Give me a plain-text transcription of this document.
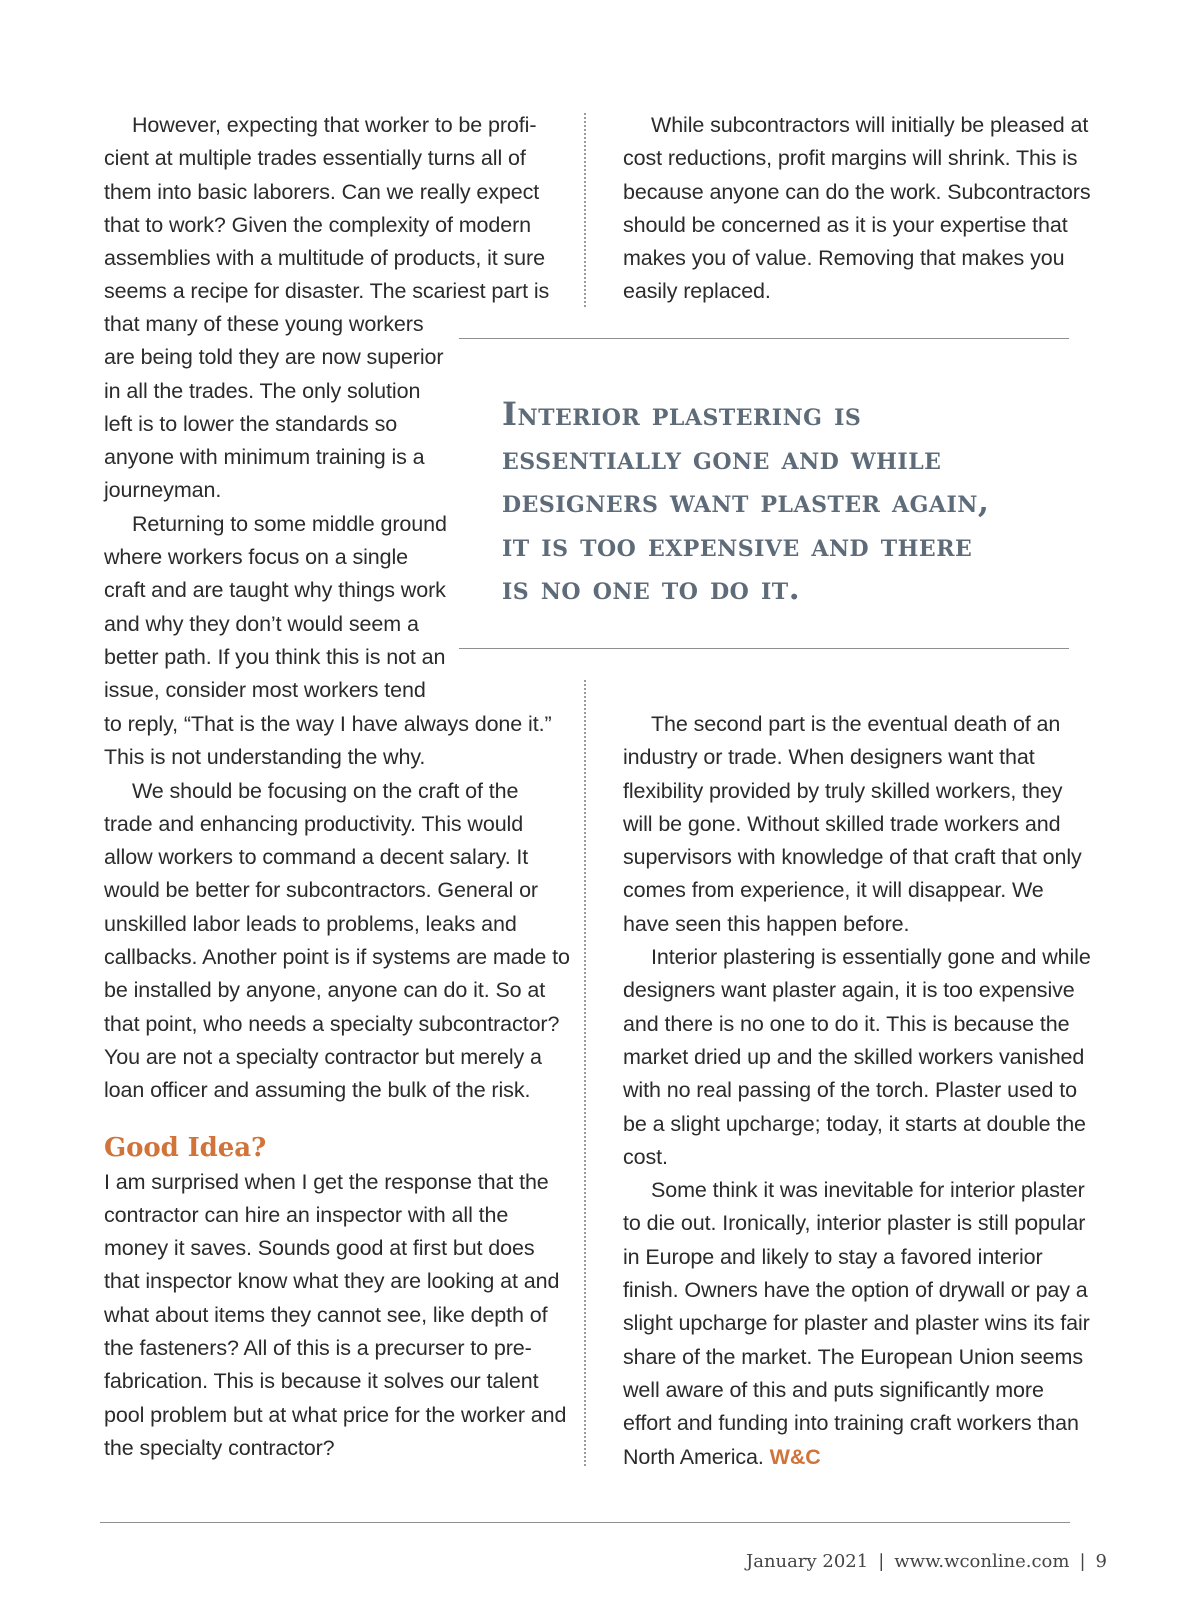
However, expecting that worker to be proficient at multiple trades essentially turns all of them into basic laborers. Can we really expect that to work? Given the complexity of modern assemblies with a multitude of products, it sure seems a recipe for disaster. The scariest part is

that many of these young workers are being told they are now superior in all the trades. The only solution left is to lower the standards so anyone with minimum training is a journeyman.

Returning to some middle ground where workers focus on a single craft and are taught why things work and why they don’t would seem a better path. If you think this is not an issue, consider most workers tend

While subcontractors will initially be pleased at cost reductions, profit margins will shrink. This is because anyone can do the work. Subcontractors should be concerned as it is your expertise that makes you of value. Removing that makes you easily replaced.

Interior plastering is

essentially gone and while

designers want plaster again,

it is too expensive and there

is no one to do it.

to reply, “That is the way I have always done it.” This is not understanding the why.

We should be focusing on the craft of the trade and enhancing productivity. This would allow workers to command a decent salary. It would be better for subcontractors. General or unskilled labor leads to problems, leaks and callbacks. Another point is if systems are made to be installed by anyone, anyone can do it. So at that point, who needs a specialty subcontractor? You are not a specialty contractor but merely a loan officer and assuming the bulk of the risk.

Good Idea?

I am surprised when I get the response that the contractor can hire an inspector with all the money it saves. Sounds good at first but does that inspector know what they are looking at and what about items they cannot see, like depth of the fasteners? All of this is a precurser to pre-fabrication. This is because it solves our talent pool problem but at what price for the worker and the specialty contractor?

The second part is the eventual death of an industry or trade. When designers want that flexibility provided by truly skilled workers, they will be gone. Without skilled trade workers and supervisors with knowledge of that craft that only comes from experience, it will disappear. We have seen this happen before.

Interior plastering is essentially gone and while designers want plaster again, it is too expensive and there is no one to do it. This is because the market dried up and the skilled workers vanished with no real passing of the torch. Plaster used to be a slight upcharge; today, it starts at double the cost.

Some think it was inevitable for interior plaster to die out. Ironically, interior plaster is still popular in Europe and likely to stay a favored interior finish. Owners have the option of drywall or pay a slight upcharge for plaster and plaster wins its fair share of the market. The European Union seems well aware of this and puts significantly more effort and funding into training craft workers than North America. W&C

January 2021 | www.wconline.com | 9
